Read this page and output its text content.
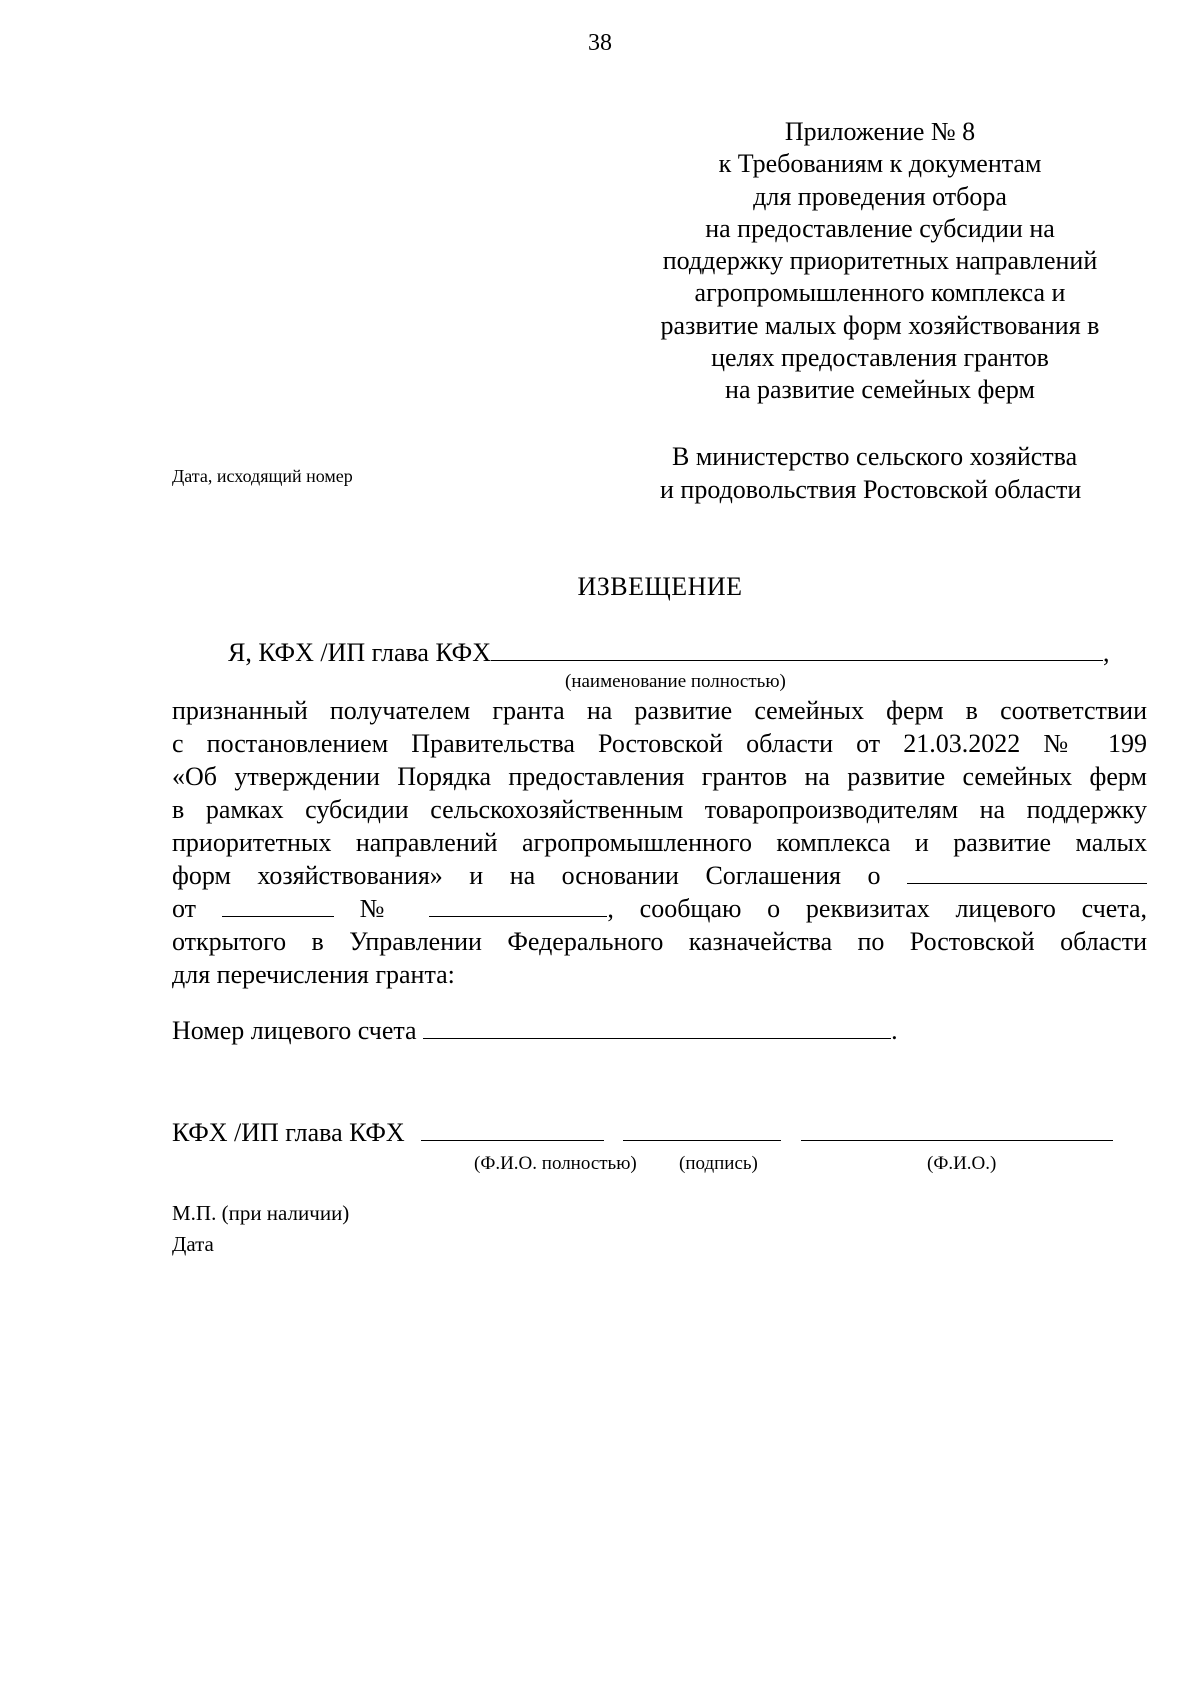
38
Приложение № 8
к Требованиям к документам
для проведения отбора
на предоставление субсидии на
поддержку приоритетных направлений
агропромышленного комплекса и
развитие малых форм хозяйствования в
целях предоставления грантов
на развитие семейных ферм
Дата, исходящий номер
В министерство сельского хозяйства
и продовольствия Ростовской области
ИЗВЕЩЕНИЕ
Я, КФХ /ИП глава КФХ	,
(наименование полностью)
признанный получателем гранта на развитие семейных ферм в соответствии
с постановлением Правительства Ростовской области от 21.03.2022 № 199
«Об утверждении Порядка предоставления грантов на развитие семейных ферм
в рамках субсидии сельскохозяйственным товаропроизводителям на поддержку
приоритетных направлений агропромышленного комплекса и развитие малых
форм хозяйствования» и на основании Соглашения о
от	№	, сообщаю о реквизитах лицевого счета,
открытого в Управлении Федерального казначейства по Ростовской области
для перечисления гранта:
Номер лицевого счета	.
КФХ /ИП глава КФХ
(Ф.И.О. полностью) (подпись)	(Ф.И.О.)
М.П. (при наличии)
Дата
